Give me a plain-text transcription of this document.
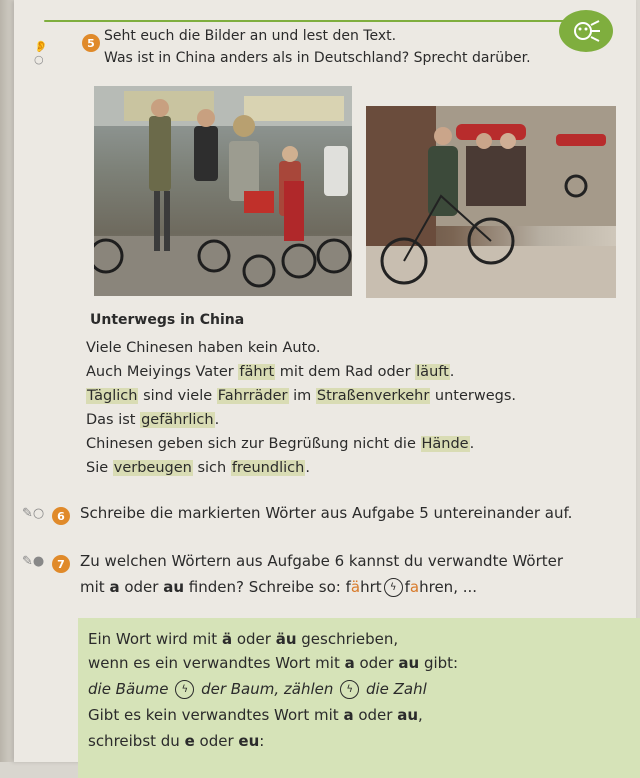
👂○
5 Seht euch die Bilder an und lest den Text.
Was ist in China anders als in Deutschland? Sprecht darüber.
Unterwegs in China
Viele Chinesen haben kein Auto.
Auch Meiyings Vater fährt mit dem Rad oder läuft.
Täglich sind viele Fahrräder im Straßenverkehr unterwegs.
Das ist gefährlich.
Chinesen geben sich zur Begrüßung nicht die Hände.
Sie verbeugen sich freundlich.
✎○	6	Schreibe die markierten Wörter aus Aufgabe 5 untereinander auf.
✎●	7	Zu welchen Wörtern aus Aufgabe 6 kannst du verwandte Wörter
mit a oder au finden? Schreibe so: fährt ϟ fahren, ...
Ein Wort wird mit ä oder äu geschrieben,
wenn es ein verwandtes Wort mit a oder au gibt:
die Bäume ϟ der Baum, zählen ϟ die Zahl
Gibt es kein verwandtes Wort mit a oder au,
schreibst du e oder eu:
